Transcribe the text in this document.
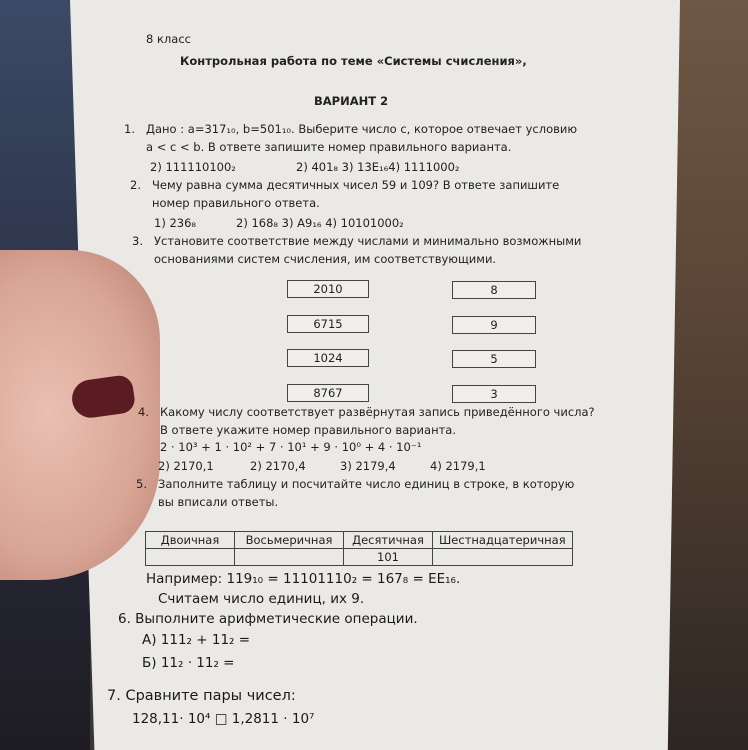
8 класс
Контрольная работа по теме «Системы счисления»,
ВАРИАНТ 2
1. Дано : a=317₁₀, b=501₁₀. Выберите число c, которое отвечает условию
a < c < b. В ответе запишите номер правильного варианта.
2) 111110100₂	2) 401₈ 3) 13E₁₆4) 1111000₂
2. Чему равна сумма десятичных чисел 59 и 109? В ответе запишите
номер правильного ответа.
1) 236₈	2) 168₈ 3) A9₁₆ 4) 10101000₂
3. Установите соответствие между числами и минимально возможными
основаниями систем счисления, им соответствующими.
2010	8
6715	9
1024	5
8767	3
4. Какому числу соответствует развёрнутая запись приведённого числа?
В ответе укажите номер правильного варианта.
2 · 10³ + 1 · 10² + 7 · 10¹ + 9 · 10⁰ + 4 · 10⁻¹
2) 2170,1	2) 2170,4	3) 2179,4	4) 2179,1
5. Заполните таблицу и посчитайте число единиц в строке, в которую
вы вписали ответы.
Двоичная	Восьмеричная	Десятичная	Шестнадцатеричная
		101	
Например: 119₁₀ = 11101110₂ = 167₈ = EE₁₆.
Считаем число единиц, их 9.
6. Выполните арифметические операции.
А) 111₂ + 11₂ =
Б) 11₂ · 11₂ =
7. Сравните пары чисел:
128,11· 10⁴ □ 1,2811 · 10⁷
